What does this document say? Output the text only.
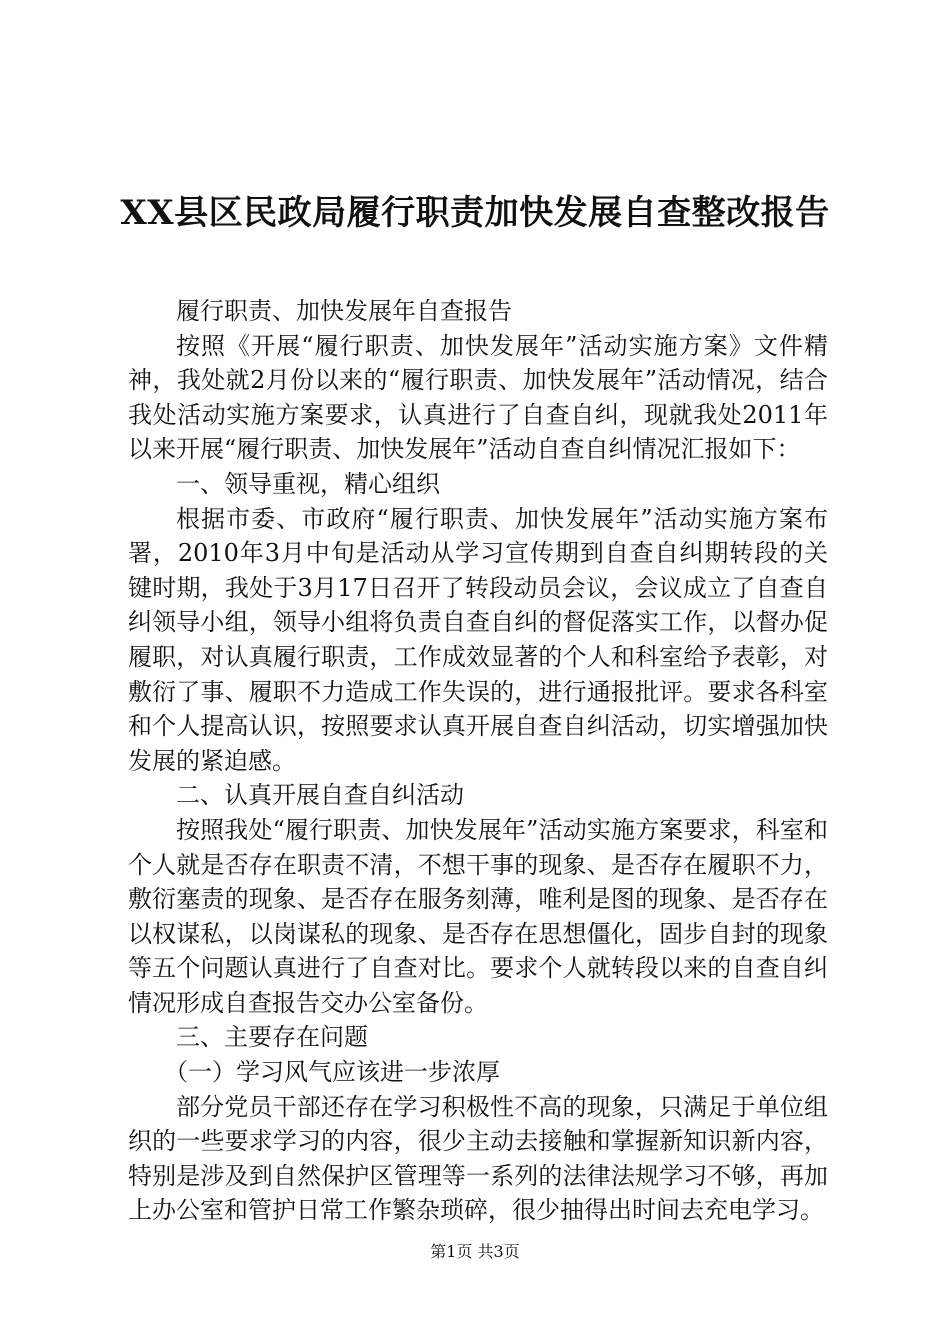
XX县区民政局履行职责加快发展自查整改报告

履行职责、加快发展年自查报告

按照《开展“履行职责、加快发展年”活动实施方案》文件精神，我处就2月份以来的“履行职责、加快发展年”活动情况，结合我处活动实施方案要求，认真进行了自查自纠，现就我处2011年以来开展“履行职责、加快发展年”活动自查自纠情况汇报如下：

一、领导重视，精心组织

根据市委、市政府“履行职责、加快发展年”活动实施方案布署，2010年3月中旬是活动从学习宣传期到自查自纠期转段的关键时期，我处于3月17日召开了转段动员会议，会议成立了自查自纠领导小组，领导小组将负责自查自纠的督促落实工作，以督办促履职，对认真履行职责，工作成效显著的个人和科室给予表彰，对敷衍了事、履职不力造成工作失误的，进行通报批评。要求各科室和个人提高认识，按照要求认真开展自查自纠活动，切实增强加快发展的紧迫感。

二、认真开展自查自纠活动

按照我处“履行职责、加快发展年”活动实施方案要求，科室和个人就是否存在职责不清，不想干事的现象、是否存在履职不力，敷衍塞责的现象、是否存在服务刻薄，唯利是图的现象、是否存在以权谋私，以岗谋私的现象、是否存在思想僵化，固步自封的现象等五个问题认真进行了自查对比。要求个人就转段以来的自查自纠情况形成自查报告交办公室备份。

三、主要存在问题

（一）学习风气应该进一步浓厚

部分党员干部还存在学习积极性不高的现象，只满足于单位组织的一些要求学习的内容，很少主动去接触和掌握新知识新内容，特别是涉及到自然保护区管理等一系列的法律法规学习不够，再加上办公室和管护日常工作繁杂琐碎，很少抽得出时间去充电学习。

第1页 共3页
